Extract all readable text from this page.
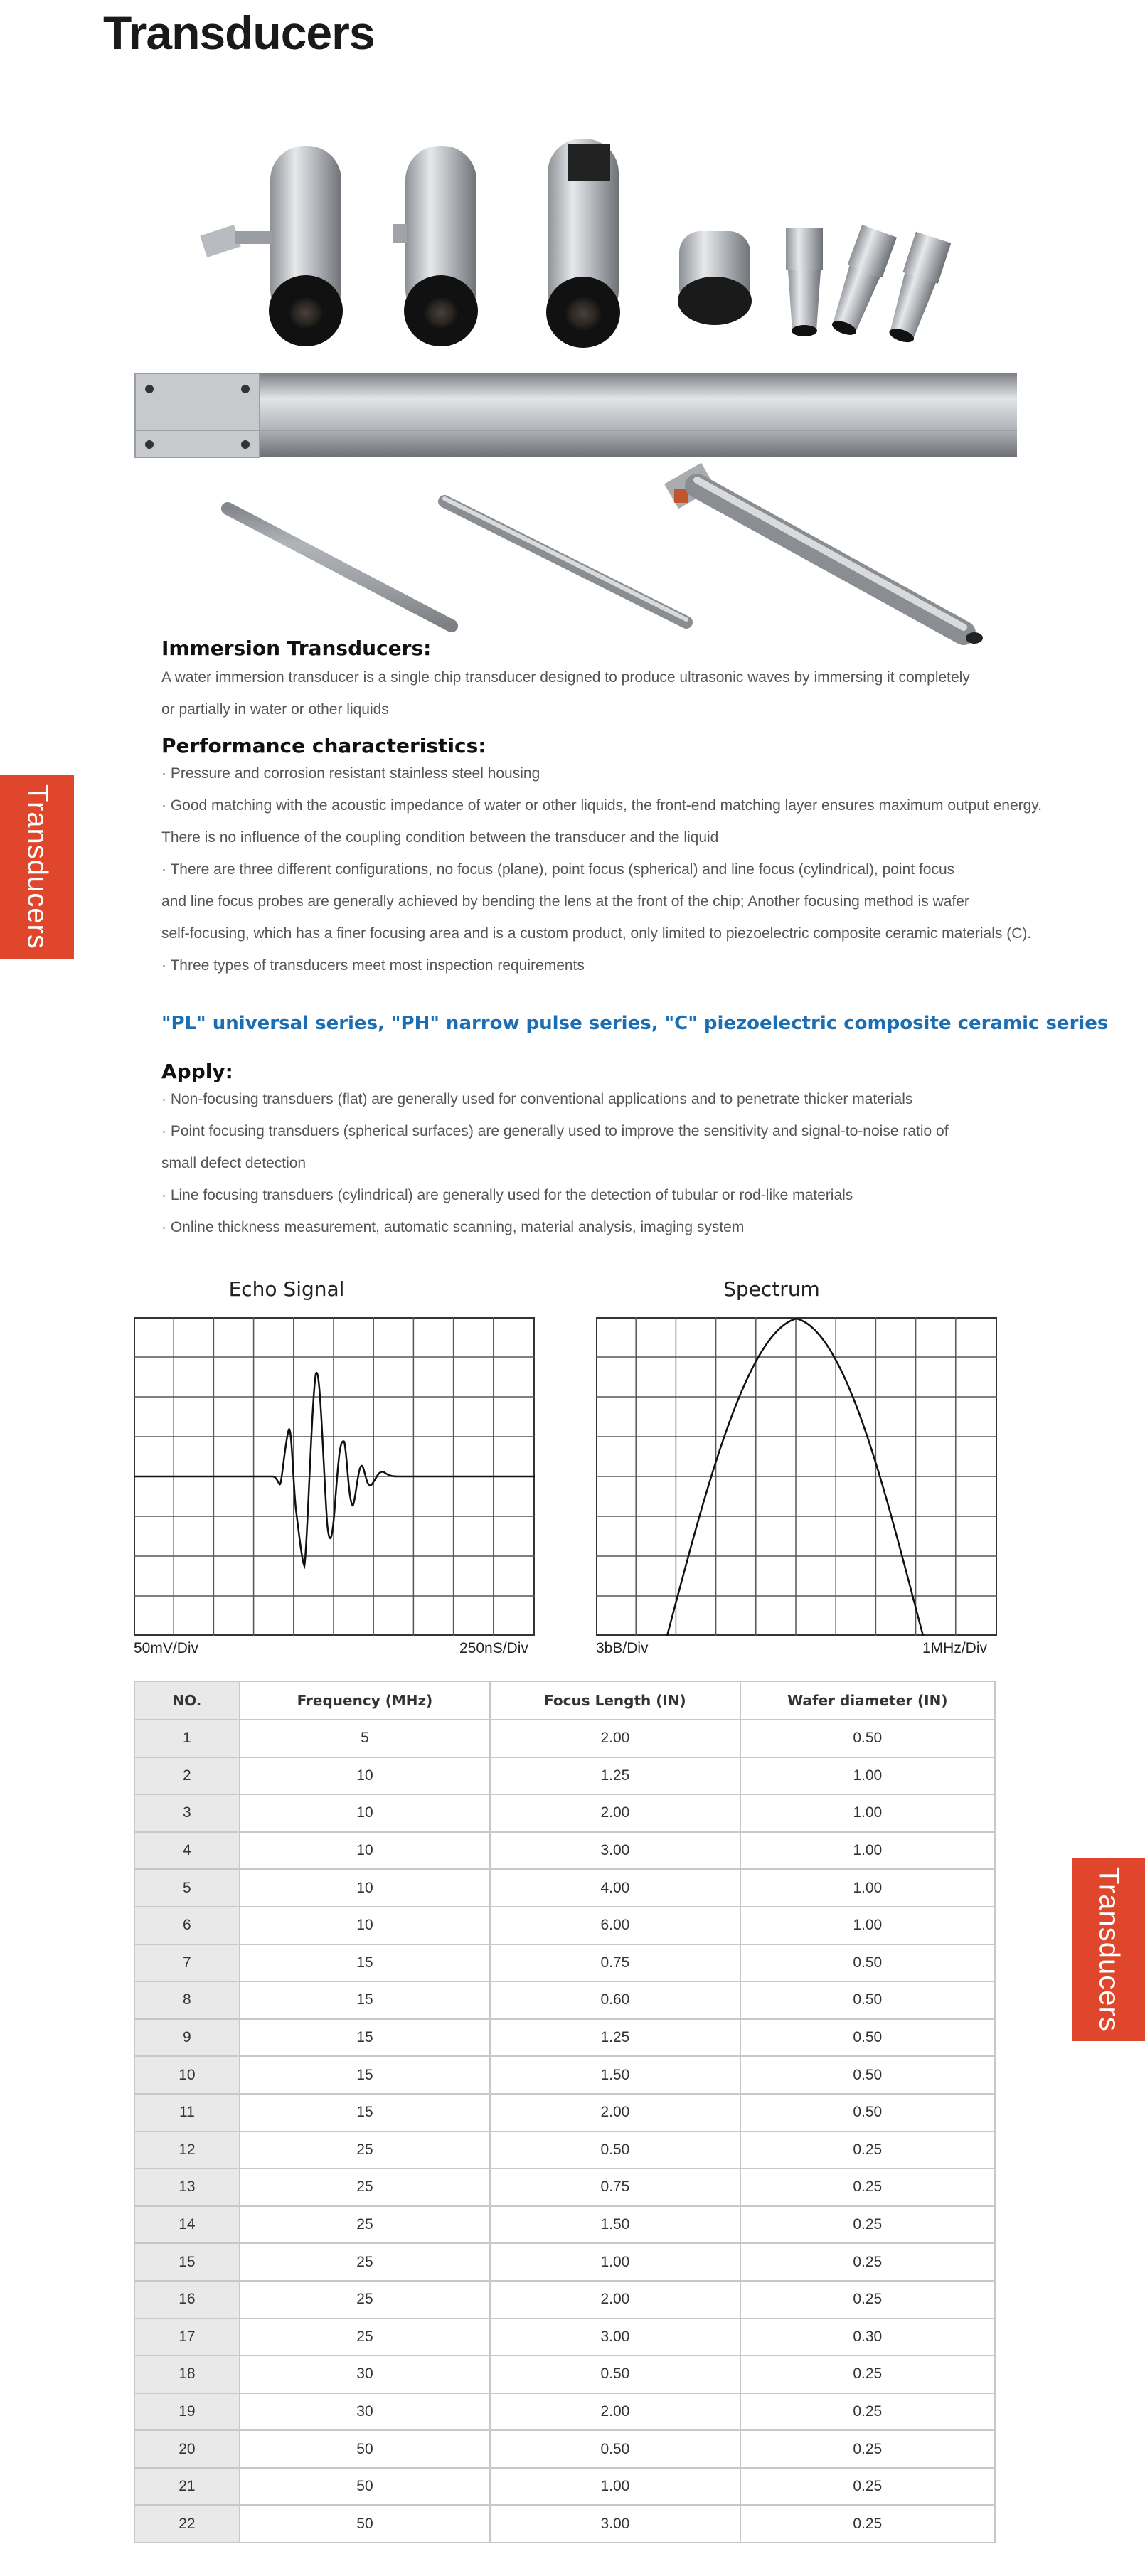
Transducers
Transducers
Transducers
Immersion Transducers:
A water immersion transducer is a single chip transducer designed to produce ultrasonic waves by immersing it completely
or partially in water or other liquids
Performance characteristics:
· Pressure and corrosion resistant stainless steel housing
· Good matching with the acoustic impedance of water or other liquids, the front-end matching layer ensures maximum output energy.
There is no influence of the coupling condition between the transducer and the liquid
· There are three different configurations, no focus (plane), point focus (spherical) and line focus (cylindrical), point focus
and line focus probes are generally achieved by bending the lens at the front of the chip; Another focusing method is wafer
self-focusing, which has a finer focusing area and is a custom product, only limited to piezoelectric composite ceramic materials (C).
· Three types of transducers meet most inspection requirements
"PL" universal series, "PH" narrow pulse series, "C" piezoelectric composite ceramic series
Apply:
· Non-focusing transduers (flat) are generally used for conventional applications and to penetrate thicker materials
· Point focusing transduers (spherical surfaces) are generally used to improve the sensitivity and signal-to-noise ratio of
small defect detection
· Line focusing transduers (cylindrical) are generally used for the detection of tubular or rod-like materials
· Online thickness measurement, automatic scanning, material analysis, imaging system
Echo Signal
50mV/Div	250nS/Div
Spectrum
3bB/Div	1MHz/Div
NO.	Frequency (MHz)	Focus Length (IN)	Wafer diameter (IN)
1	5	2.00	0.50
2	10	1.25	1.00
3	10	2.00	1.00
4	10	3.00	1.00
5	10	4.00	1.00
6	10	6.00	1.00
7	15	0.75	0.50
8	15	0.60	0.50
9	15	1.25	0.50
10	15	1.50	0.50
11	15	2.00	0.50
12	25	0.50	0.25
13	25	0.75	0.25
14	25	1.50	0.25
15	25	1.00	0.25
16	25	2.00	0.25
17	25	3.00	0.30
18	30	0.50	0.25
19	30	2.00	0.25
20	50	0.50	0.25
21	50	1.00	0.25
22	50	3.00	0.25
